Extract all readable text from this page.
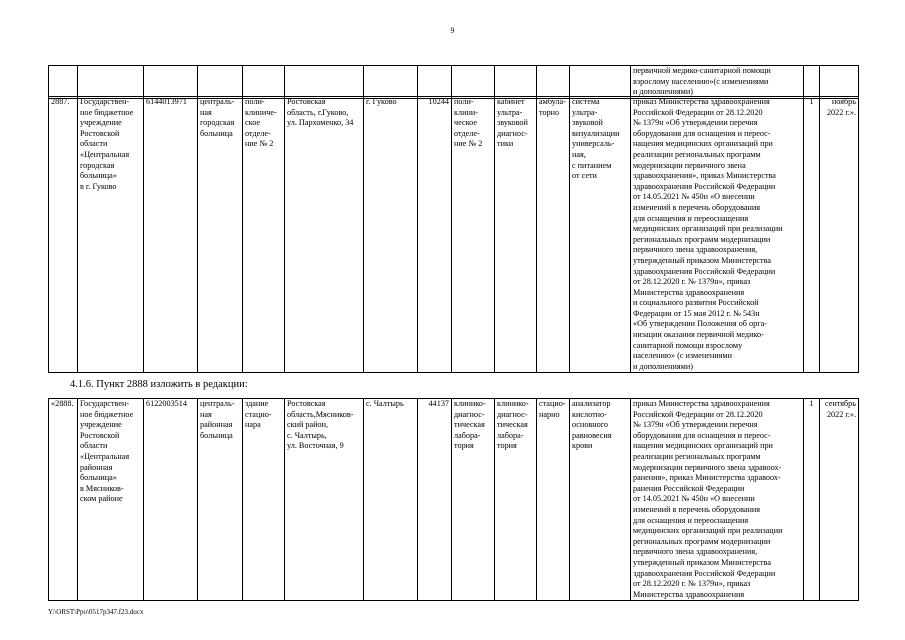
9
												первичной медико-санитарной помощи
взрослому населению»(с изменениями
и дополнениями)		
2887.	Государствен-
ное бюджетное
учреждение
Ростовской
области
«Центральная
городская
больница»
в г. Гуково	6144013971	централь-
ная
городская
больница	поли-
клиниче-
ское
отделе-
ние № 2	Ростовская
область, г.Гуково,
ул. Пархоменко, 34	г. Гуково	10244	поли-
клини-
ческое
отделе-
ние № 2	кабинет
ультра-
звуковой
диагнос-
тики	амбула-
торно	система
ультра-
звуковой
визуализации
универсаль-
ная,
с питанием
от сети	приказ Министерства здравоохранения
Российской Федерации от 28.12.2020
№ 1379н «Об утверждении перечня
оборудования для оснащения и переос-
нащения медицинских организаций при
реализации региональных программ
модернизации первичного звена
здравоохранения», приказ Министерства
здравоохранения Российской Федерации
от 14.05.2021 № 450н «О внесении
изменений в перечень оборудования
для оснащения и переоснащения
медицинских организаций при реализации
региональных программ модернизации
первичного звена здравоохранения,
утвержденный приказом Министерства
здравоохранения Российской Федерации
от 28.12.2020 г. № 1379н», приказ
Министерства здравоохранения
и социального развития Российской
Федерации от 15 мая 2012 г. № 543н
«Об утверждении Положения об орга-
низации оказания первичной медико-
санитарной помощи взрослому
населению» (с изменениями
и дополнениями)	1	ноябрь
2022 г.».
4.1.6. Пункт 2888 изложить в редакции:
«2888.	Государствен-
ное бюджетное
учреждение
Ростовской
области
«Центральная
районная
больница»
в Мясников-
ском районе	6122003514	централь-
ная
районная
больница	здание
стацио-
нара	Ростовская
область,Мясников-
ский район,
с. Чалтырь,
ул. Восточная, 9	с. Чалтырь	44137	клинико-
диагнос-
тическая
лабора-
тория	клинико-
диагнос-
тическая
лабора-
тория	стацио-
нарно	анализатор
кислотно-
основного
равновесия
крови	приказ Министерства здравоохранения
Российской Федерации от 28.12.2020
№ 1379н «Об утверждении перечня
оборудования для оснащения и переос-
нащения медицинских организаций при
реализации региональных программ
модернизации первичного звена здравоох-
ранения», приказ Министерства здравоох-
ранения Российской Федерации
от 14.05.2021 № 450н «О внесении
изменений в перечень оборудования
для оснащения и переоснащения
медицинских организаций при реализации
региональных программ модернизации
первичного звена здравоохранения,
утвержденный приказом Министерства
здравоохранения Российской Федерации
от 28.12.2020 г. № 1379н», приказ
Министерства здравоохранения	1	сентябрь
2022 г.».
Y:\ORST\Ppo\0517p347.f23.docx
